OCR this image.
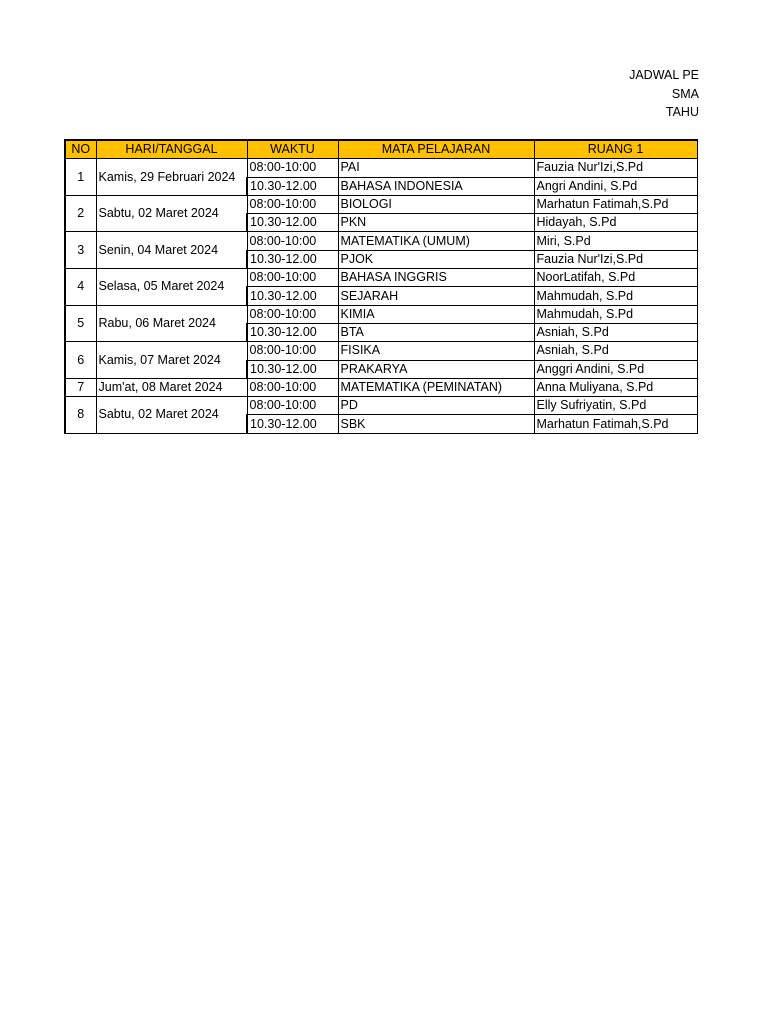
JADWAL PE
SMA
TAHU
NO	HARI/TANGGAL	WAKTU	MATA PELAJARAN	RUANG 1
1	Kamis, 29 Februari 2024	08:00-10:00	PAI	Fauzia Nur'Izi,S.Pd
		10.30-12.00	BAHASA INDONESIA	Angri Andini, S.Pd
2	Sabtu, 02 Maret 2024	08:00-10:00	BIOLOGI	Marhatun Fatimah,S.Pd
		10.30-12.00	PKN	Hidayah, S.Pd
3	Senin, 04 Maret 2024	08:00-10:00	MATEMATIKA (UMUM)	Miri, S.Pd
		10.30-12.00	PJOK	Fauzia Nur'Izi,S.Pd
4	Selasa, 05 Maret 2024	08:00-10:00	BAHASA INGGRIS	NoorLatifah, S.Pd
		10.30-12.00	SEJARAH	Mahmudah, S.Pd
5	Rabu, 06 Maret 2024	08:00-10:00	KIMIA	Mahmudah, S.Pd
		10.30-12.00	BTA	Asniah, S.Pd
6	Kamis, 07 Maret 2024	08:00-10:00	FISIKA	Asniah, S.Pd
		10.30-12.00	PRAKARYA	Anggri Andini, S.Pd
7	Jum'at, 08 Maret 2024	08:00-10:00	MATEMATIKA (PEMINATAN)	Anna Muliyana, S.Pd
8	Sabtu, 02 Maret 2024	08:00-10:00	PD	Elly Sufriyatin, S.Pd
		10.30-12.00	SBK	Marhatun Fatimah,S.Pd
